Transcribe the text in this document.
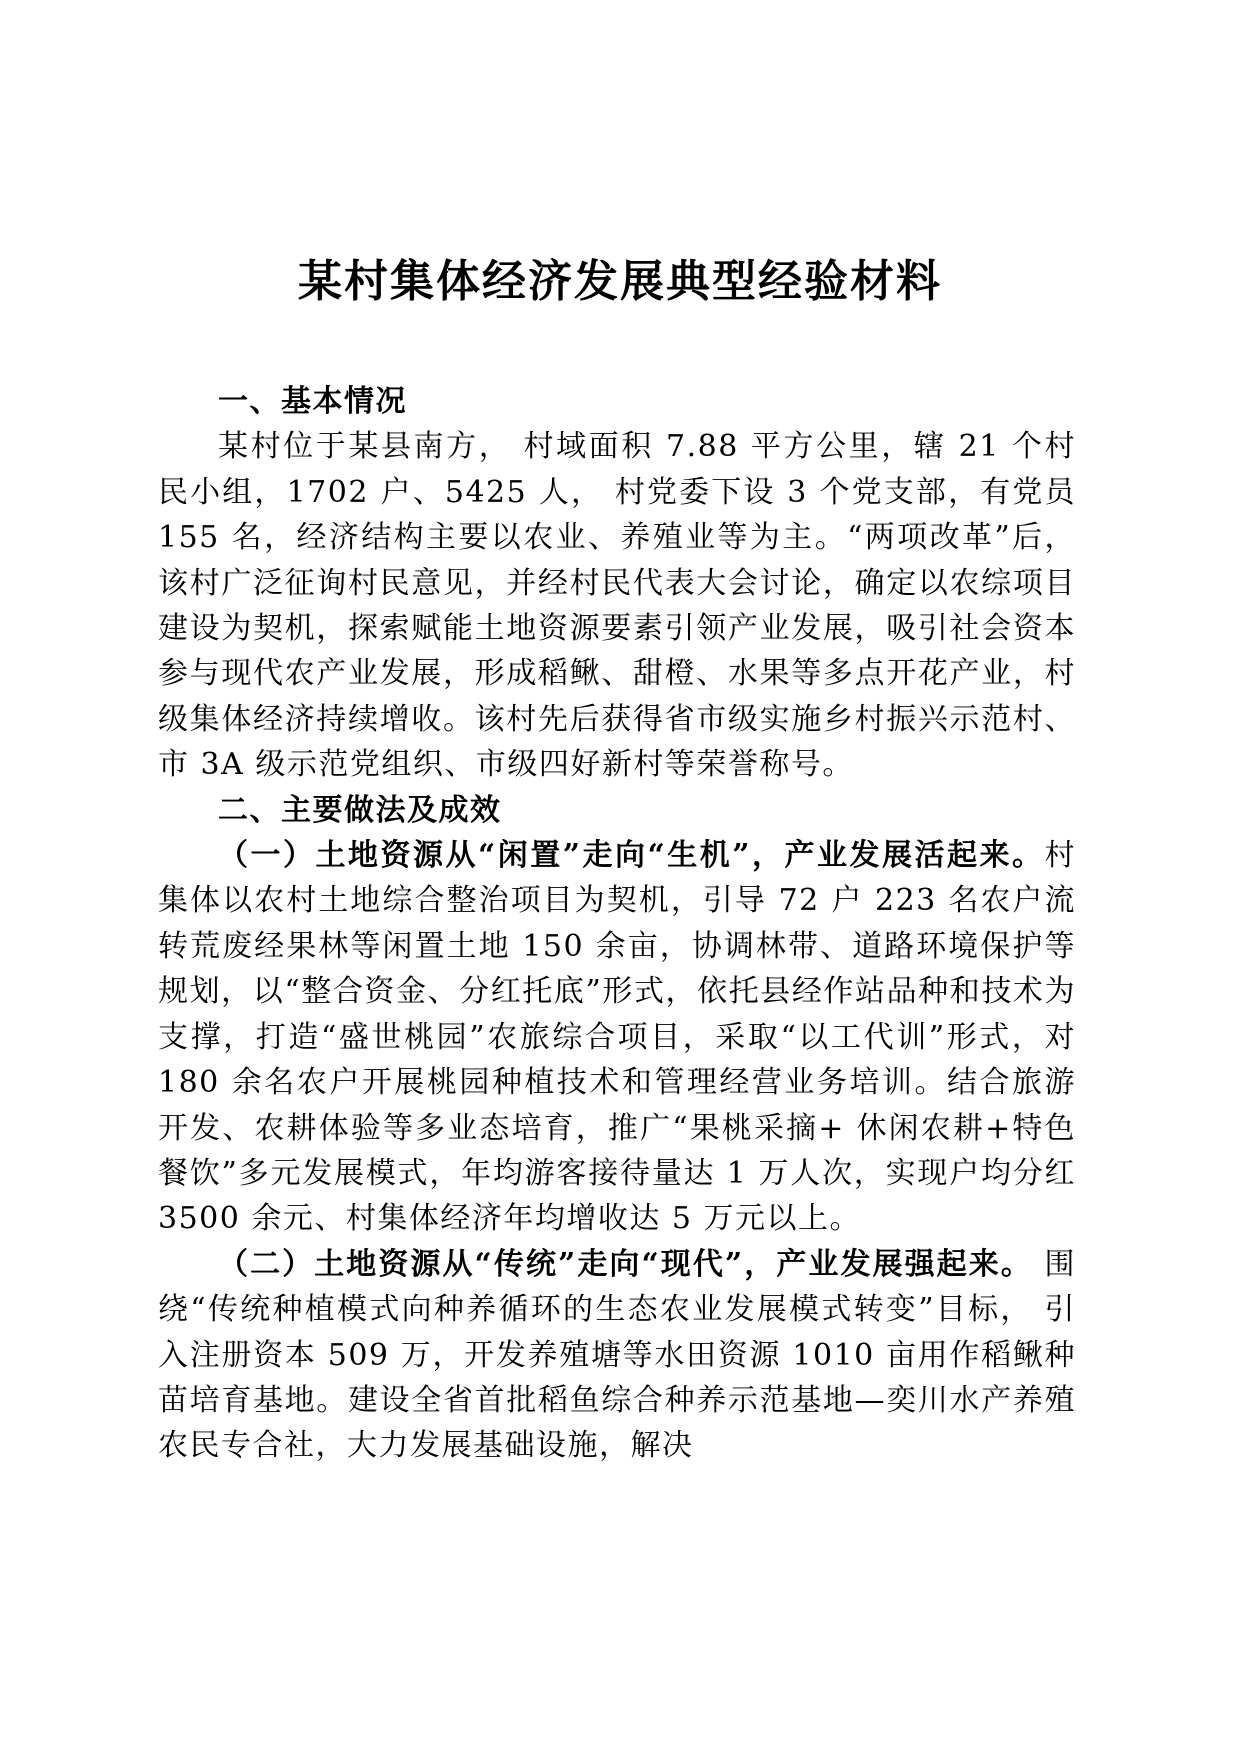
某村集体经济发展典型经验材料
一、基本情况

某村位于某县南方， 村域面积 7.88 平方公里，辖 21 个村民小组，1702 户、5425 人， 村党委下设 3 个党支部，有党员 155 名，经济结构主要以农业、养殖业等为主。“两项改革”后，该村广泛征询村民意见，并经村民代表大会讨论，确定以农综项目建设为契机，探索赋能土地资源要素引领产业发展，吸引社会资本参与现代农产业发展，形成稻鳅、甜橙、水果等多点开花产业，村级集体经济持续增收。该村先后获得省市级实施乡村振兴示范村、市 3A 级示范党组织、市级四好新村等荣誉称号。

二、主要做法及成效

（一）土地资源从“闲置”走向“生机”，产业发展活起来。村集体以农村土地综合整治项目为契机，引导 72 户 223 名农户流转荒废经果林等闲置土地 150 余亩，协调林带、道路环境保护等规划，以“整合资金、分红托底”形式，依托县经作站品种和技术为支撑，打造“盛世桃园”农旅综合项目，采取“以工代训”形式，对 180 余名农户开展桃园种植技术和管理经营业务培训。结合旅游开发、农耕体验等多业态培育，推广“果桃采摘+ 休闲农耕+特色餐饮”多元发展模式，年均游客接待量达 1 万人次，实现户均分红 3500 余元、村集体经济年均增收达 5 万元以上。

（二）土地资源从“传统”走向“现代”，产业发展强起来。 围绕“传统种植模式向种养循环的生态农业发展模式转变”目标， 引入注册资本 509 万，开发养殖塘等水田资源 1010 亩用作稻鳅种苗培育基地。建设全省首批稻鱼综合种养示范基地—奕川水产养殖农民专合社，大力发展基础设施，解决
